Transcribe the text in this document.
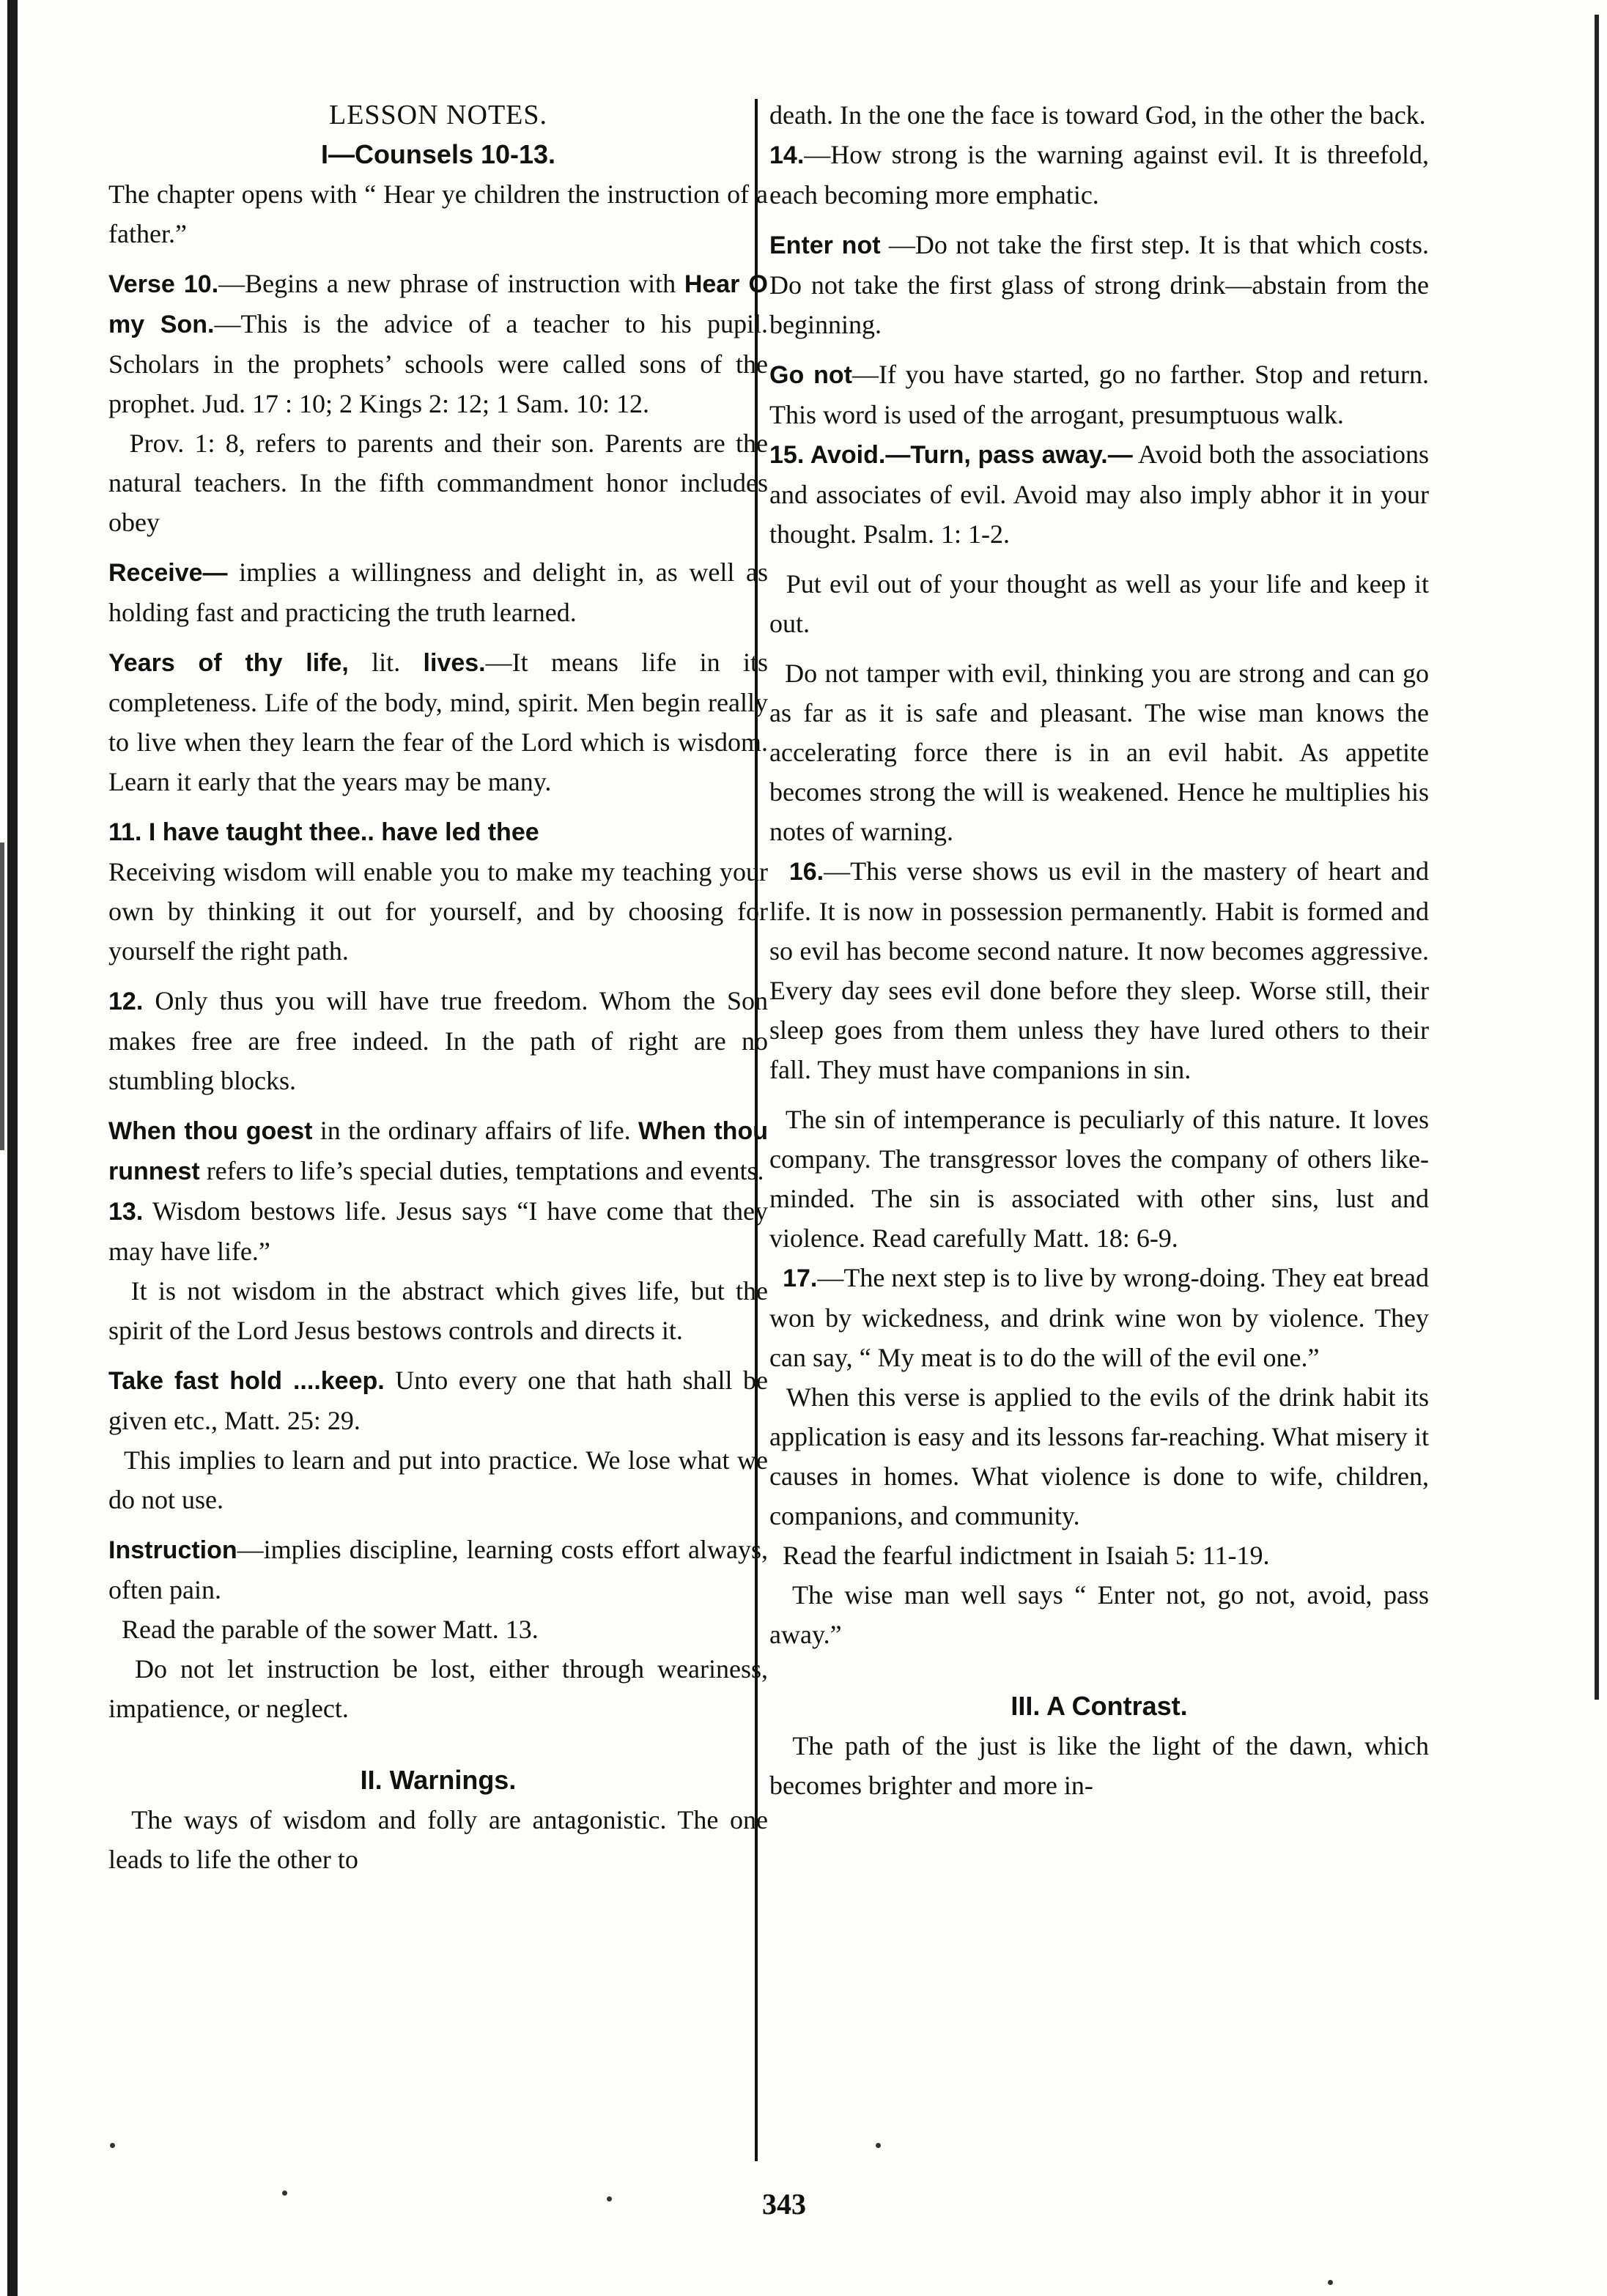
LESSON NOTES.

I—Counsels 10-13.

The chapter opens with “ Hear ye children the instruction of a father.”

Verse 10.—Begins a new phrase of instruction with Hear O my Son.—This is the advice of a teacher to his pupil. Scholars in the prophets’ schools were called sons of the prophet. Jud. 17 : 10; 2 Kings 2: 12; 1 Sam. 10: 12.

Prov. 1: 8, refers to parents and their son. Parents are the natural teachers. In the fifth commandment honor includes obey

Receive— implies a willingness and delight in, as well as holding fast and practicing the truth learned.

Years of thy life, lit. lives.—It means life in its completeness. Life of the body, mind, spirit. Men begin really to live when they learn the fear of the Lord which is wisdom. Learn it early that the years may be many.

11. I have taught thee.. have led thee
Receiving wisdom will enable you to make my teaching your own by thinking it out for yourself, and by choosing for yourself the right path.

12. Only thus you will have true freedom. Whom the Son makes free are free indeed. In the path of right are no stumbling blocks.

When thou goest in the ordinary affairs of life. When thou runnest refers to life’s special duties, temptations and events.

13. Wisdom bestows life. Jesus says “I have come that they may have life.”

It is not wisdom in the abstract which gives life, but the spirit of the Lord Jesus bestows controls and directs it.

Take fast hold ....keep. Unto every one that hath shall be given etc., Matt. 25: 29.

This implies to learn and put into practice. We lose what we do not use.

Instruction—implies discipline, learning costs effort always, often pain.

Read the parable of the sower Matt. 13.

Do not let instruction be lost, either through weariness, impatience, or neglect.

II. Warnings.

The ways of wisdom and folly are antagonistic. The one leads to life the other to

death. In the one the face is toward God, in the other the back.

14.—How strong is the warning against evil. It is threefold, each becoming more emphatic.

Enter not —Do not take the first step. It is that which costs. Do not take the first glass of strong drink—abstain from the beginning.

Go not—If you have started, go no farther. Stop and return. This word is used of the arrogant, presumptuous walk.

15. Avoid.—Turn, pass away.— Avoid both the associations and associates of evil. Avoid may also imply abhor it in your thought. Psalm. 1: 1-2.

Put evil out of your thought as well as your life and keep it out.

Do not tamper with evil, thinking you are strong and can go as far as it is safe and pleasant. The wise man knows the accelerating force there is in an evil habit. As appetite becomes strong the will is weakened. Hence he multiplies his notes of warning.

16.—This verse shows us evil in the mastery of heart and life. It is now in possession permanently. Habit is formed and so evil has become second nature. It now becomes aggressive. Every day sees evil done before they sleep. Worse still, their sleep goes from them unless they have lured others to their fall. They must have companions in sin.

The sin of intemperance is peculiarly of this nature. It loves company. The transgressor loves the company of others like-minded. The sin is associated with other sins, lust and violence. Read carefully Matt. 18: 6-9.

17.—The next step is to live by wrong-doing. They eat bread won by wickedness, and drink wine won by violence. They can say, “ My meat is to do the will of the evil one.”

When this verse is applied to the evils of the drink habit its application is easy and its lessons far-reaching. What misery it causes in homes. What violence is done to wife, children, companions, and community.

Read the fearful indictment in Isaiah 5: 11-19.

The wise man well says “ Enter not, go not, avoid, pass away.”

III. A Contrast.

The path of the just is like the light of the dawn, which becomes brighter and more in-

343
